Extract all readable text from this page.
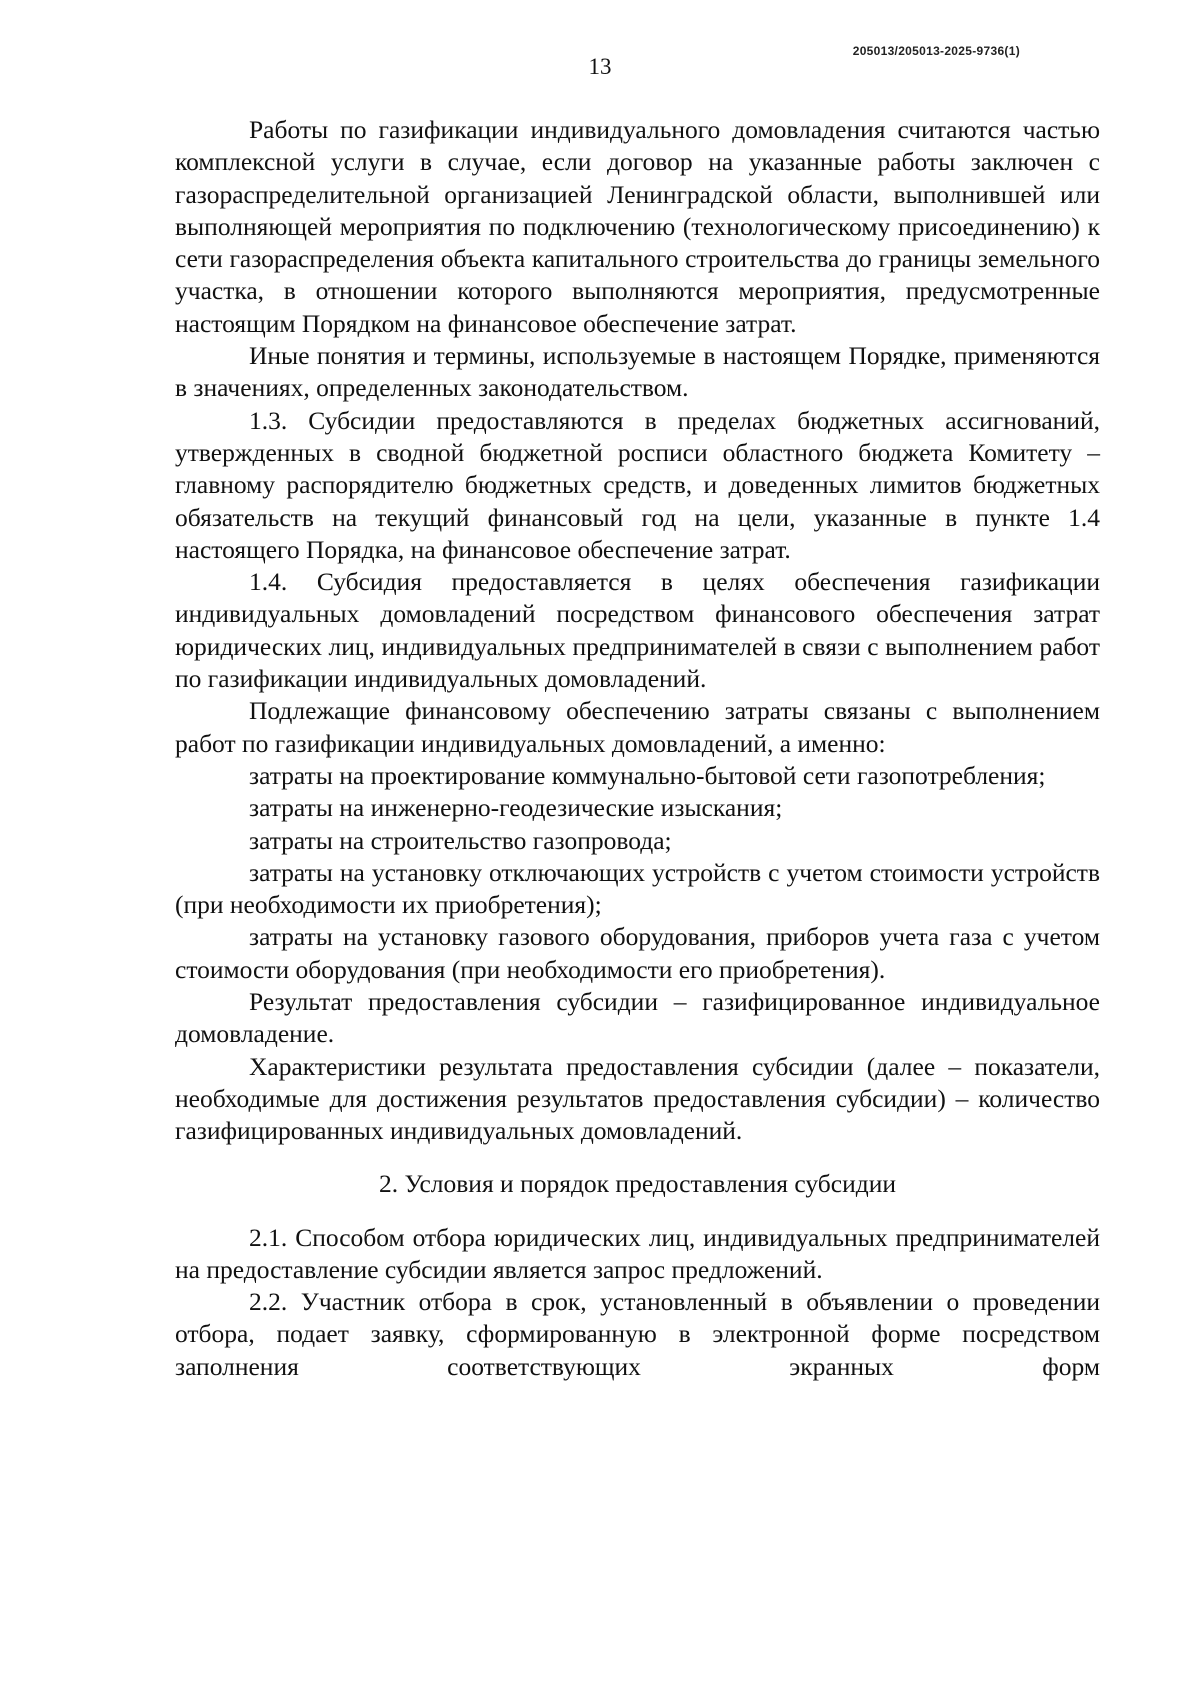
205013/205013-2025-9736(1)
13

Работы по газификации индивидуального домовладения считаются частью комплексной услуги в случае, если договор на указанные работы заключен с газораспределительной организацией Ленинградской области, выполнившей или выполняющей мероприятия по подключению (технологическому присоединению) к сети газораспределения объекта капитального строительства до границы земельного участка, в отношении которого выполняются мероприятия, предусмотренные настоящим Порядком на финансовое обеспечение затрат.

Иные понятия и термины, используемые в настоящем Порядке, применяются в значениях, определенных законодательством.

1.3. Субсидии предоставляются в пределах бюджетных ассигнований, утвержденных в сводной бюджетной росписи областного бюджета Комитету – главному распорядителю бюджетных средств, и доведенных лимитов бюджетных обязательств на текущий финансовый год на цели, указанные в пункте 1.4 настоящего Порядка, на финансовое обеспечение затрат.

1.4. Субсидия предоставляется в целях обеспечения газификации индивидуальных домовладений посредством финансового обеспечения затрат юридических лиц, индивидуальных предпринимателей в связи с выполнением работ по газификации индивидуальных домовладений.

Подлежащие финансовому обеспечению затраты связаны с выполнением работ по газификации индивидуальных домовладений, а именно:

затраты на проектирование коммунально-бытовой сети газопотребления;

затраты на инженерно-геодезические изыскания;

затраты на строительство газопровода;

затраты на установку отключающих устройств с учетом стоимости устройств (при необходимости их приобретения);

затраты на установку газового оборудования, приборов учета газа с учетом стоимости оборудования (при необходимости его приобретения).

Результат предоставления субсидии – газифицированное индивидуальное домовладение.

Характеристики результата предоставления субсидии (далее – показатели, необходимые для достижения результатов предоставления субсидии) – количество газифицированных индивидуальных домовладений.

2. Условия и порядок предоставления субсидии

2.1. Способом отбора юридических лиц, индивидуальных предпринимателей на предоставление субсидии является запрос предложений.

2.2. Участник отбора в срок, установленный в объявлении о проведении отбора, подает заявку, сформированную в электронной форме посредством заполнения соответствующих экранных форм
